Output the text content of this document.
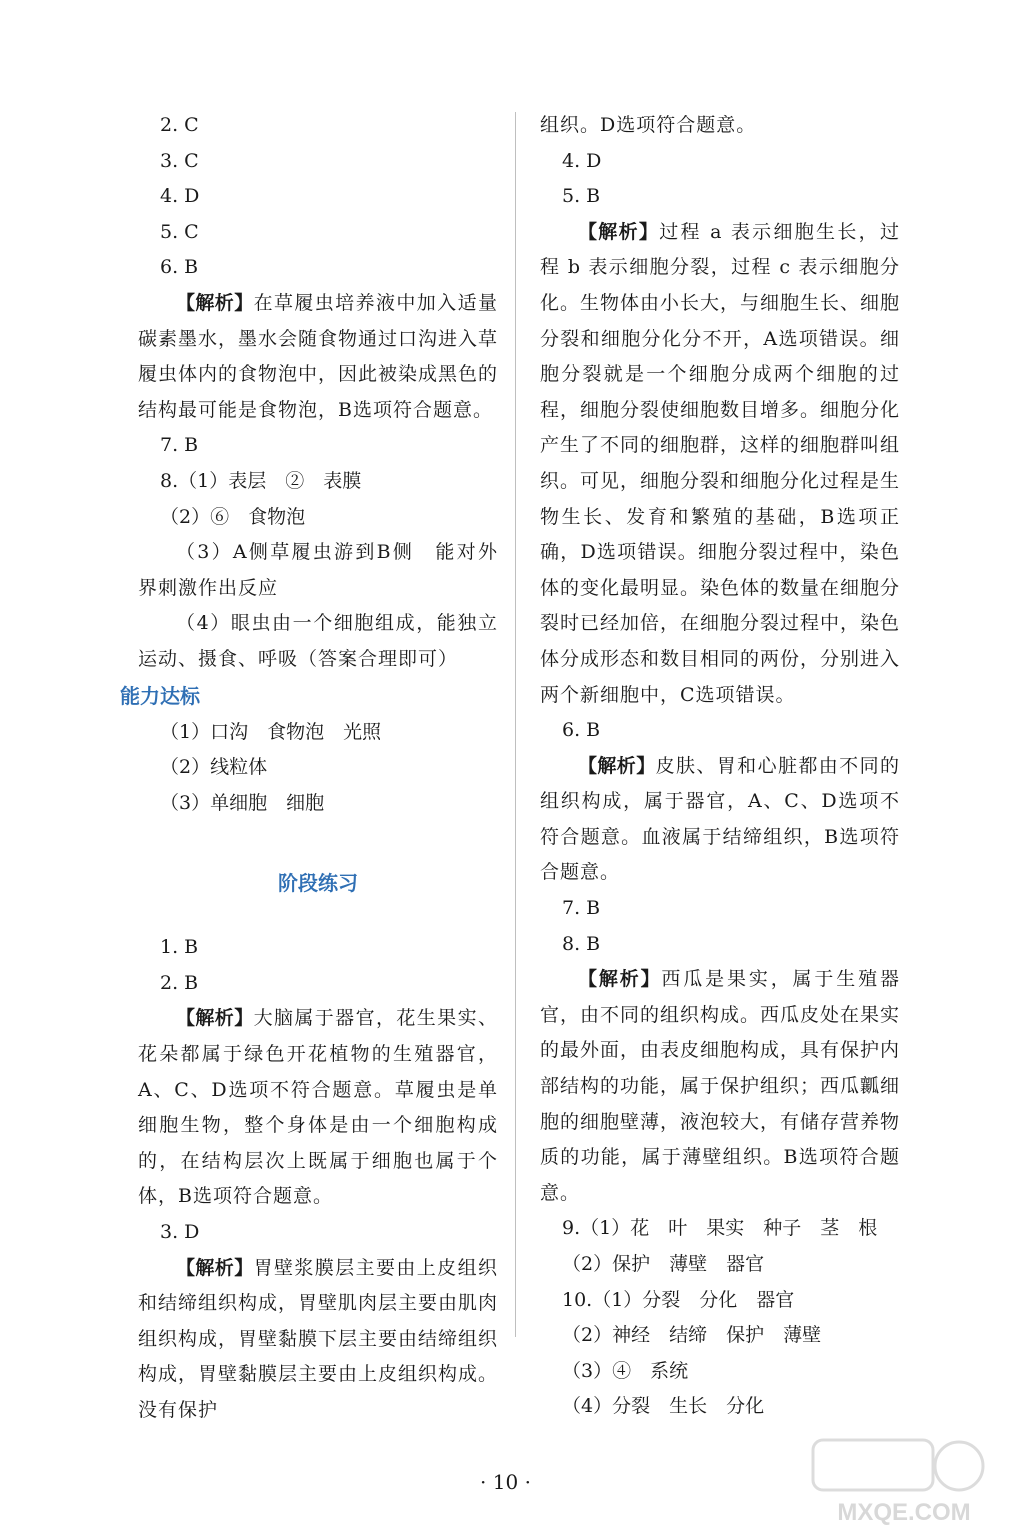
2. C
3. C
4. D
5. C
6. B

【解析】在草履虫培养液中加入适量碳素墨水，墨水会随食物通过口沟进入草履虫体内的食物泡中，因此被染成黑色的结构最可能是食物泡，B选项符合题意。

7. B
8.（1）表层　②　表膜
（2）⑥　食物泡

（3）A侧草履虫游到B侧　能对外界刺激作出反应

（4）眼虫由一个细胞组成，能独立运动、摄食、呼吸（答案合理即可）

能力达标
（1）口沟　食物泡　光照
（2）线粒体
（3）单细胞　细胞
阶段练习
1. B
2. B

【解析】大脑属于器官，花生果实、花朵都属于绿色开花植物的生殖器官，A、C、D选项不符合题意。草履虫是单细胞生物，整个身体是由一个细胞构成的，在结构层次上既属于细胞也属于个体，B选项符合题意。

3. D

【解析】胃壁浆膜层主要由上皮组织和结缔组织构成，胃壁肌肉层主要由肌肉组织构成，胃壁黏膜下层主要由结缔组织构成，胃壁黏膜层主要由上皮组织构成。没有保护

组织。D选项符合题意。

4. D
5. B

【解析】过程 a 表示细胞生长，过程 b 表示细胞分裂，过程 c 表示细胞分化。生物体由小长大，与细胞生长、细胞分裂和细胞分化分不开，A选项错误。细胞分裂就是一个细胞分成两个细胞的过程，细胞分裂使细胞数目增多。细胞分化产生了不同的细胞群，这样的细胞群叫组织。可见，细胞分裂和细胞分化过程是生物生长、发育和繁殖的基础，B选项正确，D选项错误。细胞分裂过程中，染色体的变化最明显。染色体的数量在细胞分裂时已经加倍，在细胞分裂过程中，染色体分成形态和数目相同的两份，分别进入两个新细胞中，C选项错误。

6. B

【解析】皮肤、胃和心脏都由不同的组织构成，属于器官，A、C、D选项不符合题意。血液属于结缔组织，B选项符合题意。

7. B
8. B

【解析】西瓜是果实，属于生殖器官，由不同的组织构成。西瓜皮处在果实的最外面，由表皮细胞构成，具有保护内部结构的功能，属于保护组织；西瓜瓤细胞的细胞壁薄，液泡较大，有储存营养物质的功能，属于薄壁组织。B选项符合题意。

9.（1）花　叶　果实　种子　茎　根
（2）保护　薄壁　器官
10.（1）分裂　分化　器官
（2）神经　结缔　保护　薄壁
（3）④　系统
（4）分裂　生长　分化
· 10 ·
MXQE.COM
